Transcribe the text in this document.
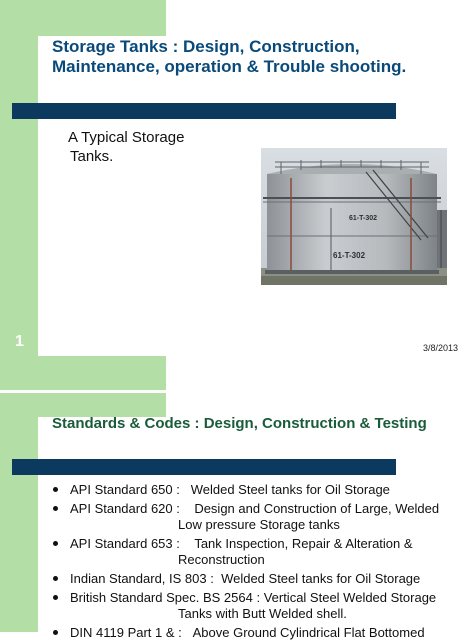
Storage Tanks : Design, Construction, Maintenance, operation & Trouble shooting.
A Typical Storage
Tanks.
61-T-302
61-T-302
1	3/8/2013
Standards & Codes : Design, Construction & Testing
API Standard 650 : Welded Steel tanks for Oil Storage
API Standard 620 : Design and Construction of Large, Welded
Low pressure Storage tanks
API Standard 653 : Tank Inspection, Repair & Alteration &
Reconstruction
Indian Standard, IS 803 : Welded Steel tanks for Oil Storage
British Standard Spec. BS 2564 : Vertical Steel Welded Storage
Tanks with Butt Welded shell.
DIN 4119 Part 1 & : Above Ground Cylindrical Flat Bottomed
